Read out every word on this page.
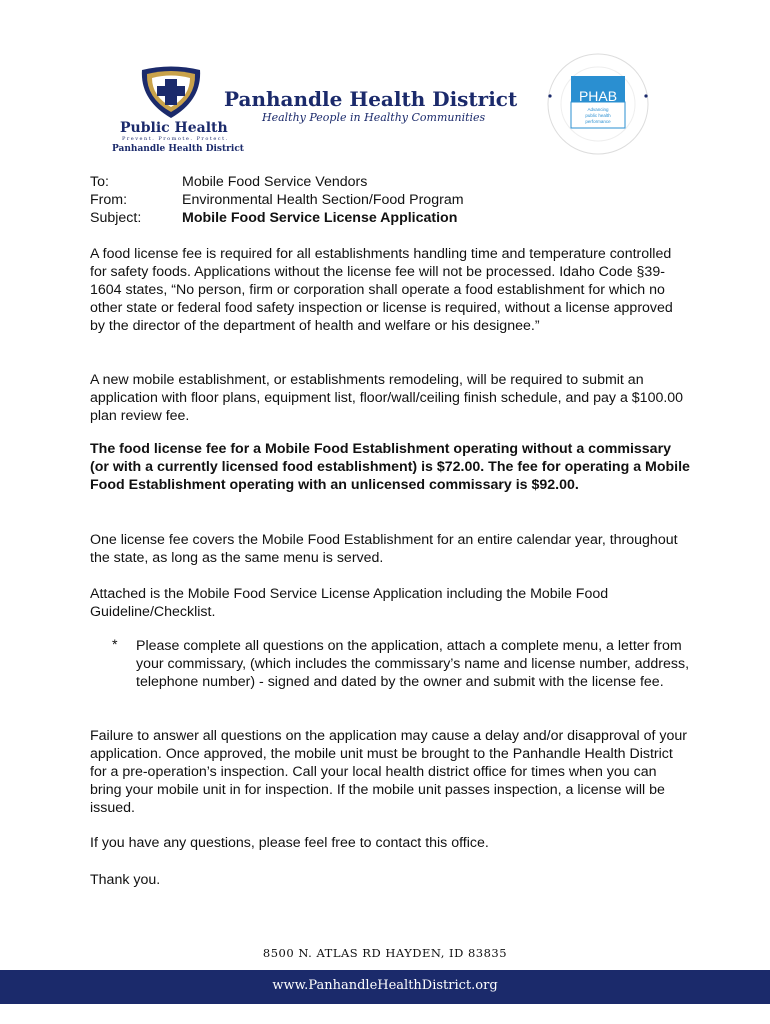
Public Health
Prevent. Promote. Protect.
Panhandle Health District
Panhandle Health District
Healthy People in Healthy Communities
PHAB
Advancing
public health
performance
To:	Mobile Food Service Vendors
From:	Environmental Health Section/Food Program
Subject:	Mobile Food Service License Application

A food license fee is required for all establishments handling time and temperature controlled for safety foods. Applications without the license fee will not be processed. Idaho Code §39-1604 states, “No person, firm or corporation shall operate a food establishment for which no other state or federal food safety inspection or license is required, without a license approved by the director of the department of health and welfare or his designee.”

A new mobile establishment, or establishments remodeling, will be required to submit an application with floor plans, equipment list, floor/wall/ceiling finish schedule, and pay a $100.00 plan review fee.

The food license fee for a Mobile Food Establishment operating without a commissary (or with a currently licensed food establishment) is $72.00. The fee for operating a Mobile Food Establishment operating with an unlicensed commissary is $92.00.

One license fee covers the Mobile Food Establishment for an entire calendar year, throughout the state, as long as the same menu is served.

Attached is the Mobile Food Service License Application including the Mobile Food Guideline/Checklist.

* Please complete all questions on the application, attach a complete menu, a letter from your commissary, (which includes the commissary’s name and license number, address, telephone number) - signed and dated by the owner and submit with the license fee.

Failure to answer all questions on the application may cause a delay and/or disapproval of your application. Once approved, the mobile unit must be brought to the Panhandle Health District for a pre-operation’s inspection. Call your local health district office for times when you can bring your mobile unit in for inspection. If the mobile unit passes inspection, a license will be issued.

If you have any questions, please feel free to contact this office.

Thank you.

8500 N. ATLAS RD HAYDEN, ID 83835
www.PanhandleHealthDistrict.org
